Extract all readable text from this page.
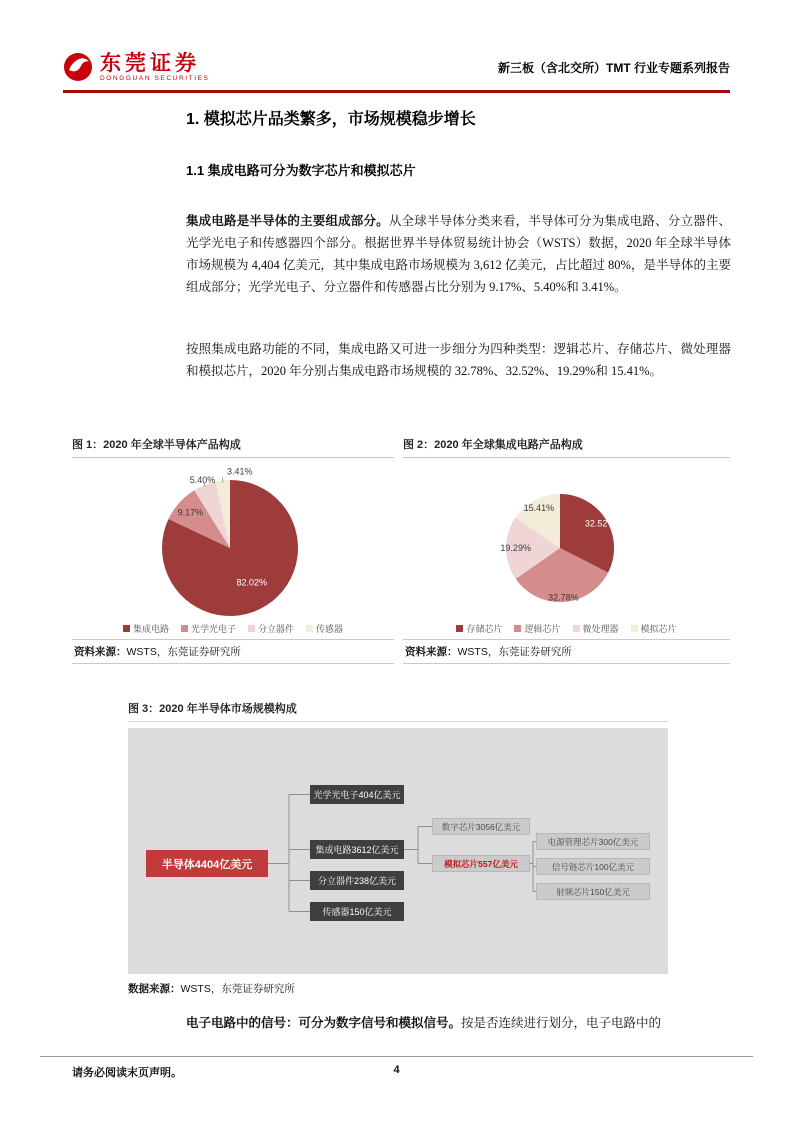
东莞证券
DONGGUAN SECURITIES
新三板（含北交所）TMT 行业专题系列报告
1. 模拟芯片品类繁多，市场规模稳步增长
1.1 集成电路可分为数字芯片和模拟芯片

集成电路是半导体的主要组成部分。从全球半导体分类来看，半导体可分为集成电路、分立器件、光学光电子和传感器四个部分。根据世界半导体贸易统计协会（WSTS）数据，2020 年全球半导体市场规模为 4,404 亿美元，其中集成电路市场规模为 3,612 亿美元，占比超过 80%，是半导体的主要组成部分；光学光电子、分立器件和传感器占比分别为 9.17%、5.40%和 3.41%。

按照集成电路功能的不同，集成电路又可进一步细分为四种类型：逻辑芯片、存储芯片、微处理器和模拟芯片，2020 年分别占集成电路市场规模的 32.78%、32.52%、19.29%和 15.41%。

图 1：2020 年全球半导体产品构成
82.02%
9.17%
5.40%
3.41%
集成电路	光学光电子	分立器件	传感器
资料来源：WSTS，东莞证券研究所
图 2：2020 年全球集成电路产品构成
32.52%
32.78%
19.29%
15.41%
存储芯片	逻辑芯片	微处理器	模拟芯片
资料来源：WSTS，东莞证券研究所
图 3：2020 年半导体市场规模构成
半导体4404亿美元
光学光电子404亿美元
集成电路3612亿美元
分立器件238亿美元
传感器150亿美元
数字芯片3056亿美元
模拟芯片557亿美元
电源管理芯片300亿美元
信号链芯片100亿美元
射频芯片150亿美元
数据来源：WSTS，东莞证券研究所

电子电路中的信号：可分为数字信号和模拟信号。按是否连续进行划分，电子电路中的

请务必阅读末页声明。	4
